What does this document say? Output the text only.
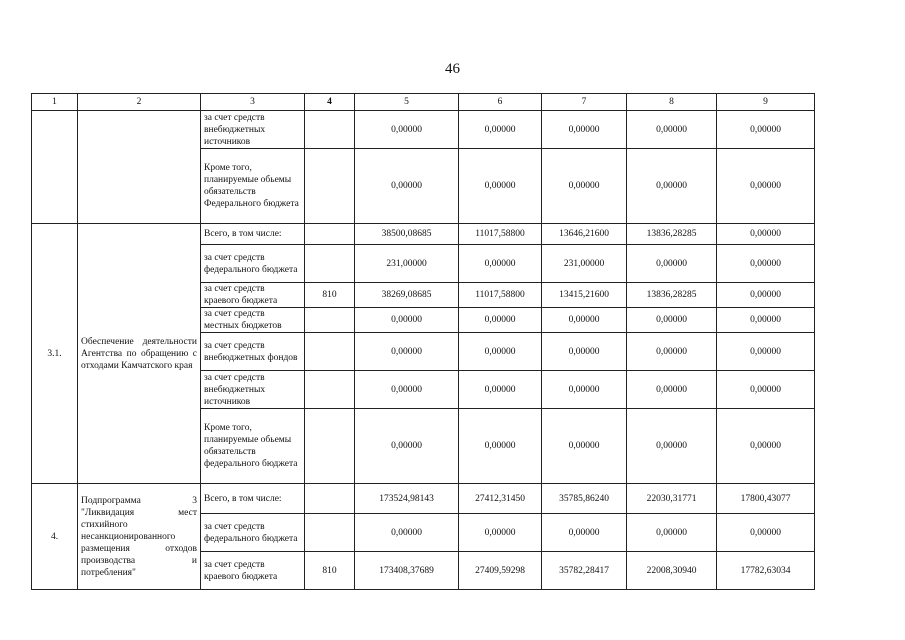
46
1	2	3	4	5	6	7	8	9
		за счет средств внебюджетных источников		0,00000	0,00000	0,00000	0,00000	0,00000
		Кроме того, планируемые обьемы обязательств Федерального бюджета		0,00000	0,00000	0,00000	0,00000	0,00000
3.1.	Обеспечение деятельности Агентства по обращению с отходами Камчатского края	Всего, в том числе:		38500,08685	11017,58800	13646,21600	13836,28285	0,00000
		за счет средств федерального бюджета		231,00000	0,00000	231,00000	0,00000	0,00000
		за счет средств краевого бюджета	810	38269,08685	11017,58800	13415,21600	13836,28285	0,00000
		за счет средств местных бюджетов		0,00000	0,00000	0,00000	0,00000	0,00000
		за счет средств внебюджетных фондов		0,00000	0,00000	0,00000	0,00000	0,00000
		за счет средств внебюджетных источников		0,00000	0,00000	0,00000	0,00000	0,00000
		Кроме того, планируемые обьемы обязательств федерального бюджета		0,00000	0,00000	0,00000	0,00000	0,00000
4.	Подпрограмма 3 "Ликвидация мест стихийного несанкционированного размещения отходов производства и потребления"	Всего, в том числе:		173524,98143	27412,31450	35785,86240	22030,31771	17800,43077
		за счет средств федерального бюджета		0,00000	0,00000	0,00000	0,00000	0,00000
		за счет средств краевого бюджета	810	173408,37689	27409,59298	35782,28417	22008,30940	17782,63034
